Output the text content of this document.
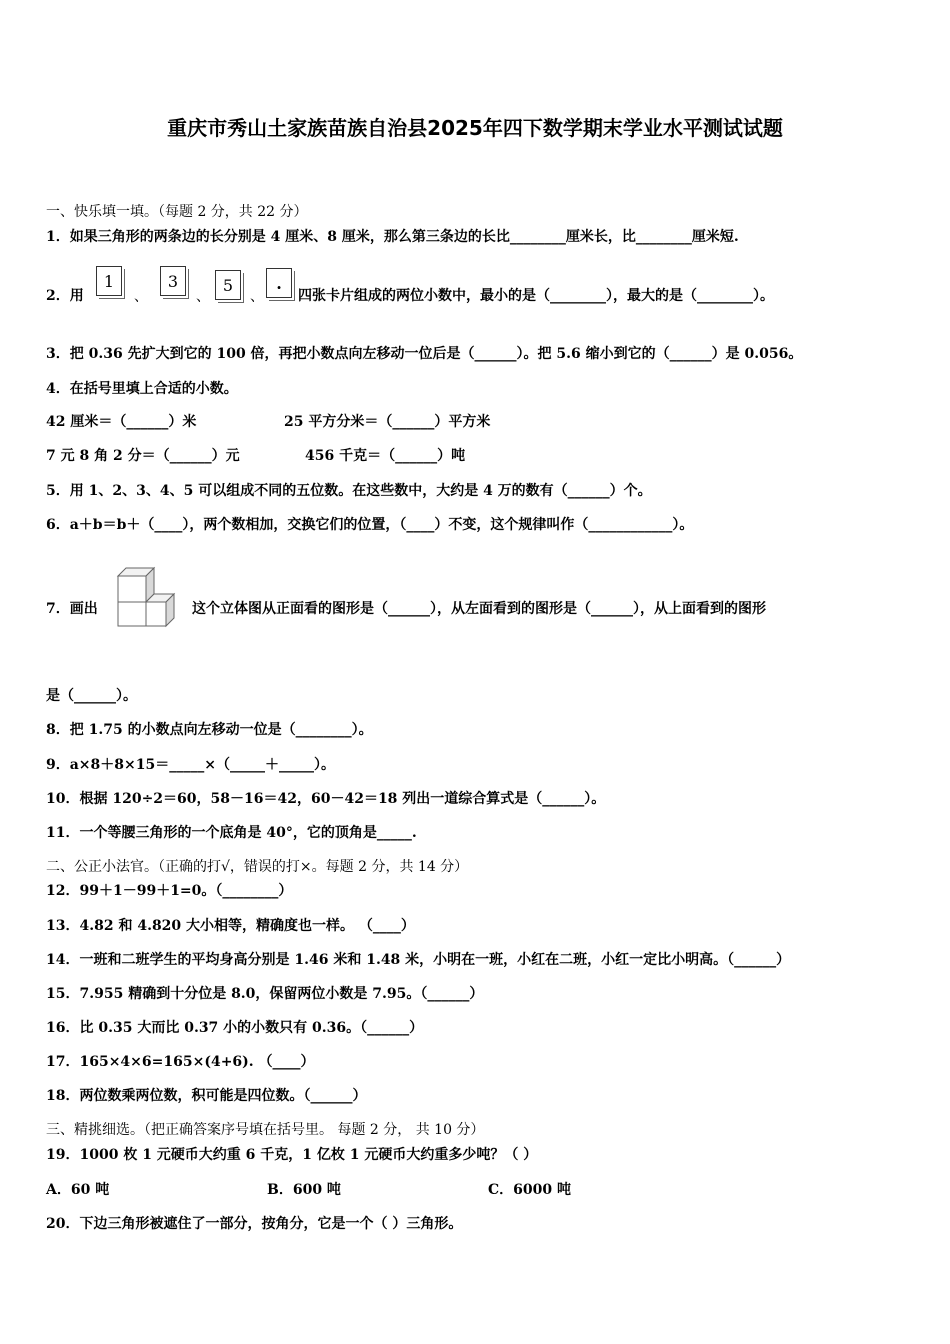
重庆市秀山土家族苗族自治县2025年四下数学期末学业水平测试试题
一、快乐填一填。（每题 2 分，共 22 分）
1．如果三角形的两条边的长分别是 4 厘米、8 厘米，那么第三条边的长比________厘米长，比________厘米短.
2．用
1
、
3
、
5
、
.
四张卡片组成的两位小数中，最小的是（________），最大的是（________）。
3．把 0.36 先扩大到它的 100 倍，再把小数点向左移动一位后是（______）。把 5.6 缩小到它的（______）是 0.056。
4．在括号里填上合适的小数。
42 厘米＝（______）米	25 平方分米＝（______）平方米
7 元 8 角 2 分＝（______）元	456 千克＝（______）吨
5．用 1、2、3、4、5 可以组成不同的五位数。在这些数中，大约是 4 万的数有（______）个。
6．a＋b＝b＋（____），两个数相加，交换它们的位置，（____）不变，这个规律叫作（____________）。
7．画出	这个立体图从正面看的图形是（______），从左面看到的图形是（______），从上面看到的图形
是（______）。
8．把 1.75 的小数点向左移动一位是（________）。
9．a×8＋8×15＝_____×（_____＋_____）。
10．根据 120÷2＝60，58－16＝42，60－42＝18 列出一道综合算式是（______）。
11．一个等腰三角形的一个底角是 40°，它的顶角是_____.
二、公正小法官。（正确的打√，错误的打×。每题 2 分，共 14 分）
12．99＋1－99＋1=0。（________）
13．4.82 和 4.820 大小相等，精确度也一样。 （____）
14．一班和二班学生的平均身高分别是 1.46 米和 1.48 米，小明在一班，小红在二班，小红一定比小明高。（______）
15．7.955 精确到十分位是 8.0，保留两位小数是 7.95。（______）
16．比 0.35 大而比 0.37 小的小数只有 0.36。（______）
17．165×4×6=165×(4+6). （____）
18．两位数乘两位数，积可能是四位数。（______）
三、精挑细选。（把正确答案序号填在括号里。 每题 2 分， 共 10 分）
19．1000 枚 1 元硬币大约重 6 千克，1 亿枚 1 元硬币大约重多少吨？（ ）
A．60 吨	B．600 吨	C．6000 吨
20．下边三角形被遮住了一部分，按角分，它是一个（ ）三角形。
